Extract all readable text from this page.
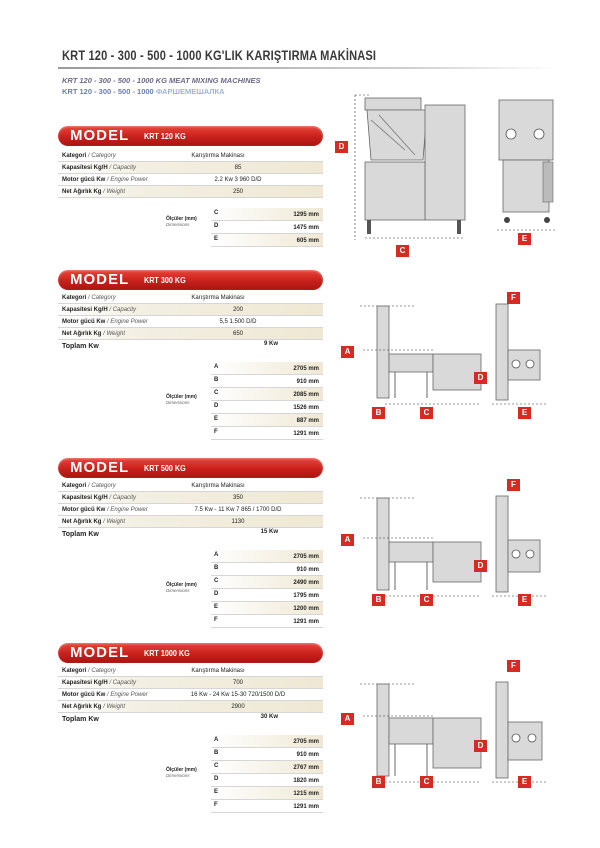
KRT 120 - 300 - 500 - 1000 KG'LIK KARIŞTIRMA MAKİNASI
KRT 120 - 300 - 500 - 1000 KG MEAT MIXING MACHINES
KRT 120 - 300 - 500 - 1000 ФАРШЕМЕШАЛКА
MODEL KRT 120 KG
Kategori / Category	Karıştırma Makinası
Kapasitesi Kg/H / Capacity	85
Motor gücü Kw / Engine Power	2.2 Kw 3 960 D/D
Net Ağırlık Kg / Weight	250
Ölçüler (mm)
Dimensions
C	1295 mm
D	1475 mm
E	605 mm
MODEL KRT 300 KG
Kategori / Category	Karıştırma Makinası
Kapasitesi Kg/H / Capacity	200
Motor gücü Kw / Engine Power	5,5 1.500 D/D
Net Ağırlık Kg / Weight	650
Toplam Kw	9 Kw
Ölçüler (mm)
Dimensions
A	2705 mm
B	910 mm
C	2085 mm
D	1526 mm
E	887 mm
F	1291 mm
MODEL KRT 500 KG
Kategori / Category	Karıştırma Makinası
Kapasitesi Kg/H / Capacity	350
Motor gücü Kw / Engine Power	7.5 Kw - 11 Kw 7 865 / 1700 D/D
Net Ağırlık Kg / Weight	1130
Toplam Kw	15 Kw
Ölçüler (mm)
Dimensions
A	2705 mm
B	910 mm
C	2490 mm
D	1795 mm
E	1200 mm
F	1291 mm
MODEL KRT 1000 KG
Kategori / Category	Karıştırma Makinası
Kapasitesi Kg/H / Capacity	700
Motor gücü Kw / Engine Power	16 Kw - 24 Kw 15-30 720/1500 D/D
Net Ağırlık Kg / Weight	2900
Toplam Kw	30 Kw
Ölçüler (mm)
Dimensions
A	2705 mm
B	910 mm
C	2767 mm
D	1820 mm
E	1215 mm
F	1291 mm
D
C
E
A
B	C
D
E
F
A
B	C
D
E
F
A
B	C
D
E
F
